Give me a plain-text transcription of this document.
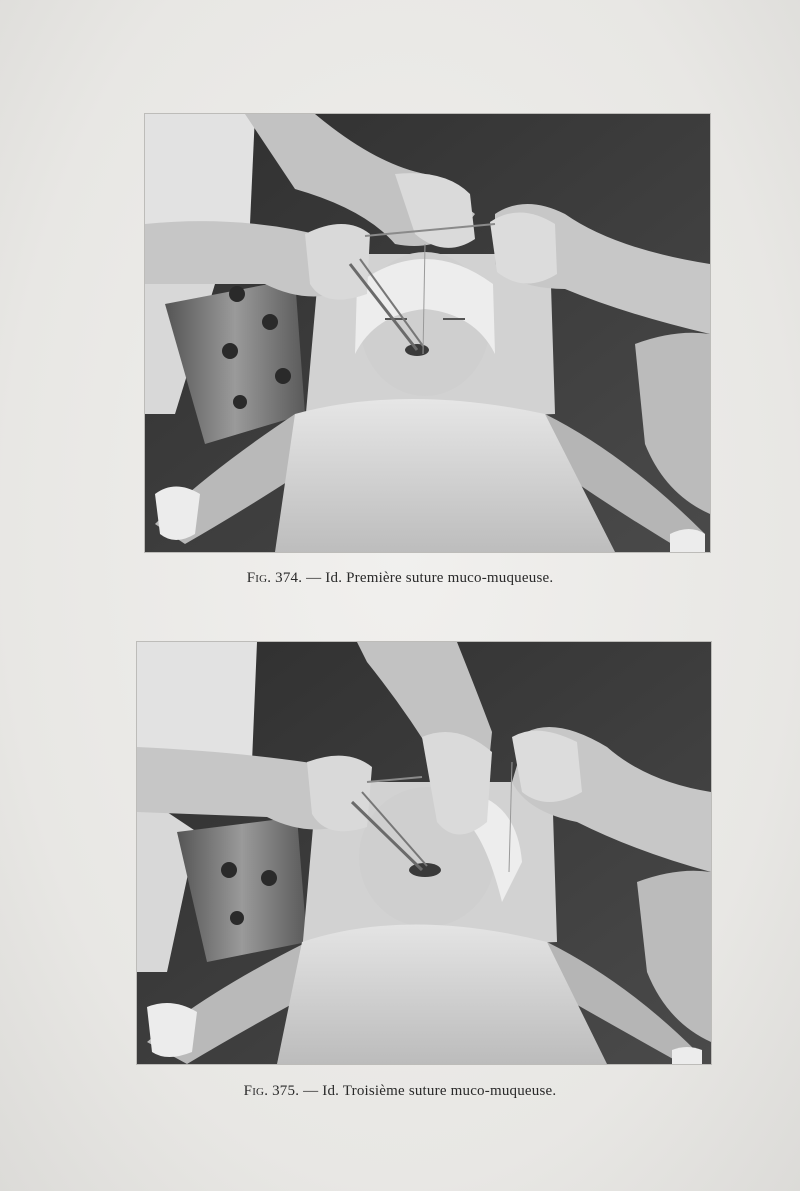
Fig. 374. — Id. Première suture muco-muqueuse.
Fig. 375. — Id. Troisième suture muco-muqueuse.
